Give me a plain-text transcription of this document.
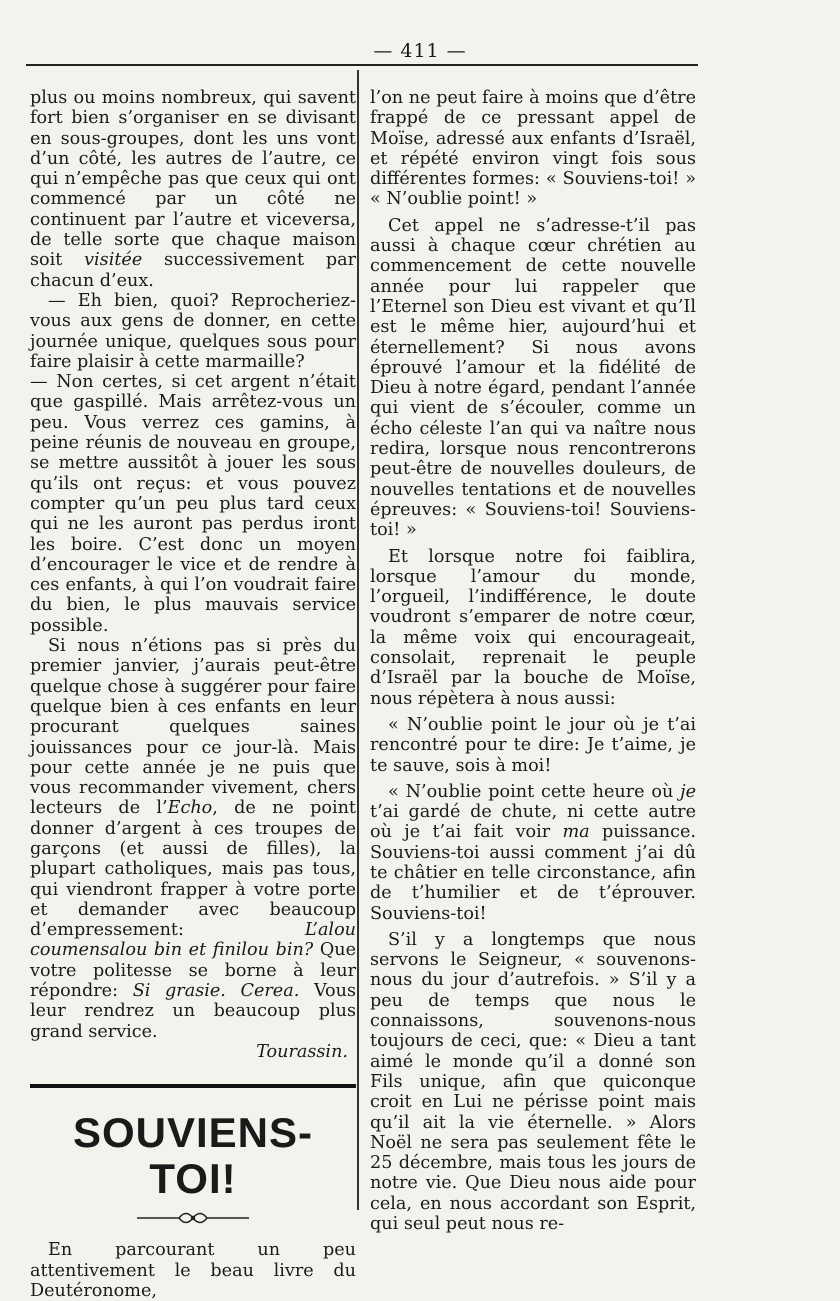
— 411 —

plus ou moins nombreux, qui savent fort bien s’organiser en se divisant en sous-groupes, dont les uns vont d’un côté, les autres de l’autre, ce qui n’empêche pas que ceux qui ont commencé par un côté ne continuent par l’autre et viceversa, de telle sorte que chaque maison soit visitée successivement par chacun d’eux.

— Eh bien, quoi? Reprocheriez-vous aux gens de donner, en cette journée unique, quelques sous pour faire plaisir à cette marmaille?

— Non certes, si cet argent n’était que gaspillé. Mais arrêtez-vous un peu. Vous verrez ces gamins, à peine réunis de nouveau en groupe, se mettre aussitôt à jouer les sous qu’ils ont reçus: et vous pouvez compter qu’un peu plus tard ceux qui ne les auront pas perdus iront les boire. C’est donc un moyen d’encourager le vice et de rendre à ces enfants, à qui l’on voudrait faire du bien, le plus mauvais service possible.

Si nous n’étions pas si près du premier janvier, j’aurais peut-être quelque chose à suggérer pour faire quelque bien à ces enfants en leur procurant quelques saines jouissances pour ce jour-là. Mais pour cette année je ne puis que vous recommander vivement, chers lecteurs de l’Echo, de ne point donner d’argent à ces troupes de garçons (et aussi de filles), la plupart catholiques, mais pas tous, qui viendront frapper à votre porte et demander avec beaucoup d’empressement: L’alou coumensalou bin et finilou bin? Que votre politesse se borne à leur répondre: Si grasie. Cerea. Vous leur rendrez un beaucoup plus grand service.

Tourassin.

SOUVIENS-TOI!

En parcourant un peu attentivement le beau livre du Deutéronome,

l’on ne peut faire à moins que d’être frappé de ce pressant appel de Moïse, adressé aux enfants d’Israël, et répété environ vingt fois sous différentes formes: « Souviens-toi! » « N’oublie point! »

Cet appel ne s’adresse-t’il pas aussi à chaque cœur chrétien au commencement de cette nouvelle année pour lui rappeler que l’Eternel son Dieu est vivant et qu’Il est le même hier, aujourd’hui et éternellement? Si nous avons éprouvé l’amour et la fidélité de Dieu à notre égard, pendant l’année qui vient de s’écouler, comme un écho céleste l’an qui va naître nous redira, lorsque nous rencontrerons peut-être de nouvelles douleurs, de nouvelles tentations et de nouvelles épreuves: « Souviens-toi! Souviens-toi! »

Et lorsque notre foi faiblira, lorsque l’amour du monde, l’orgueil, l’indifférence, le doute voudront s’emparer de notre cœur, la même voix qui encourageait, consolait, reprenait le peuple d’Israël par la bouche de Moïse, nous répètera à nous aussi:

« N’oublie point le jour où je t’ai rencontré pour te dire: Je t’aime, je te sauve, sois à moi!

« N’oublie point cette heure où je t’ai gardé de chute, ni cette autre où je t’ai fait voir ma puissance. Souviens-toi aussi comment j’ai dû te châtier en telle circonstance, afin de t’humilier et de t’éprouver. Souviens-toi!

S’il y a longtemps que nous servons le Seigneur, « souvenons-nous du jour d’autrefois. » S’il y a peu de temps que nous le connaissons, souvenons-nous toujours de ceci, que: « Dieu a tant aimé le monde qu’il a donné son Fils unique, afin que quiconque croit en Lui ne périsse point mais qu’il ait la vie éternelle. » Alors Noël ne sera pas seulement fête le 25 décembre, mais tous les jours de notre vie. Que Dieu nous aide pour cela, en nous accordant son Esprit, qui seul peut nous re-
